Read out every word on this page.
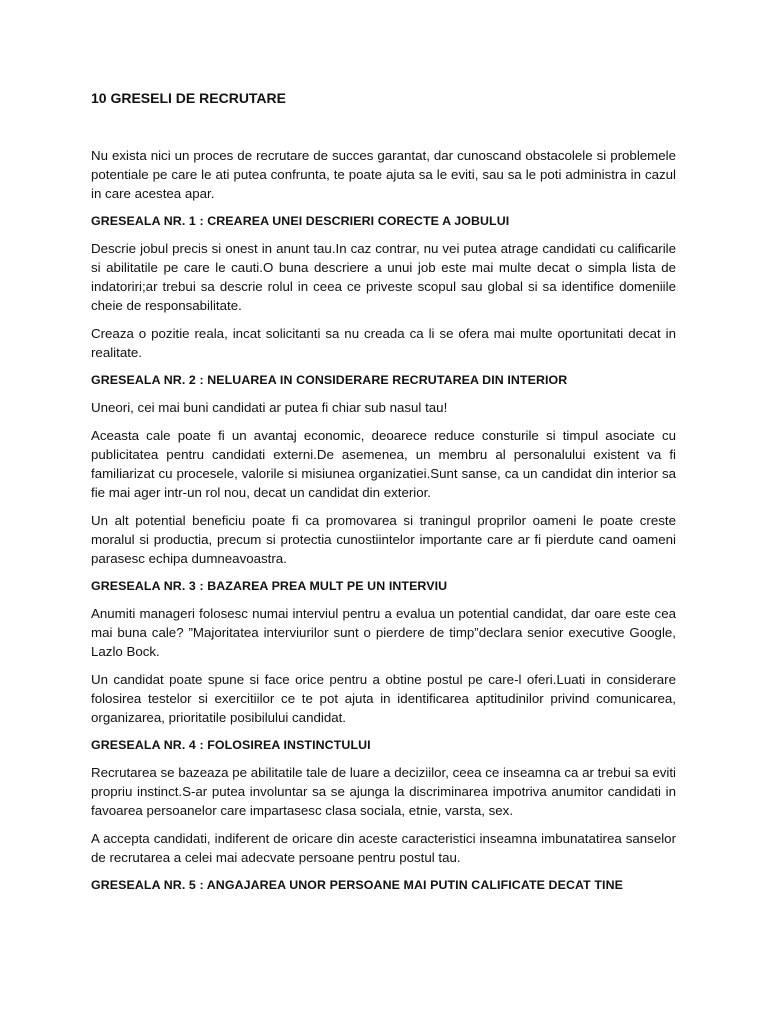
10 GRESELI DE RECRUTARE

Nu exista nici un proces de recrutare de succes garantat, dar cunoscand obstacolele si problemele potentiale pe care le ati putea confrunta, te poate ajuta sa le eviti, sau sa le poti administra in cazul in care acestea apar.

GRESEALA NR. 1 : CREAREA UNEI DESCRIERI CORECTE A JOBULUI

Descrie jobul precis si onest in anunt tau.In caz contrar, nu vei putea atrage candidati cu calificarile si abilitatile pe care le cauti.O buna descriere a unui job este mai multe decat o simpla lista de indatoriri;ar trebui sa descrie rolul in ceea ce priveste scopul sau global si sa identifice domeniile cheie de responsabilitate.

Creaza o pozitie reala, incat solicitanti sa nu creada ca li se ofera mai multe oportunitati decat in realitate.

GRESEALA NR. 2 : NELUAREA IN CONSIDERARE RECRUTAREA DIN INTERIOR

Uneori, cei mai buni candidati ar putea fi chiar sub nasul tau!

Aceasta cale poate fi un avantaj economic, deoarece reduce consturile si timpul asociate cu publicitatea pentru candidati externi.De asemenea, un membru al personalului existent va fi familiarizat cu procesele, valorile si misiunea organizatiei.Sunt sanse, ca un candidat din interior sa fie mai ager intr-un rol nou, decat un candidat din exterior.

Un alt potential beneficiu poate fi ca promovarea si traningul proprilor oameni le poate creste moralul si productia, precum si protectia cunostiintelor importante care ar fi pierdute cand oameni parasesc echipa dumneavoastra.

GRESEALA NR. 3 : BAZAREA PREA MULT PE UN INTERVIU

Anumiti manageri folosesc numai interviul pentru a evalua un potential candidat, dar oare este cea mai buna cale? ”Majoritatea interviurilor sunt o pierdere de timp”declara senior executive Google, Lazlo Bock.

Un candidat poate spune si face orice pentru a obtine postul pe care-l oferi.Luati in considerare folosirea testelor si exercitiilor ce te pot ajuta in identificarea aptitudinilor privind comunicarea, organizarea, prioritatile posibilului candidat.

GRESEALA NR. 4 : FOLOSIREA INSTINCTULUI

Recrutarea se bazeaza pe abilitatile tale de luare a deciziilor, ceea ce inseamna ca ar trebui sa eviti propriu instinct.S-ar putea involuntar sa se ajunga la discriminarea impotriva anumitor candidati in favoarea persoanelor care impartasesc clasa sociala, etnie, varsta, sex.

A accepta candidati, indiferent de oricare din aceste caracteristici inseamna imbunatatirea sanselor de recrutarea a celei mai adecvate persoane pentru postul tau.

GRESEALA NR. 5 : ANGAJAREA UNOR PERSOANE MAI PUTIN CALIFICATE DECAT TINE
